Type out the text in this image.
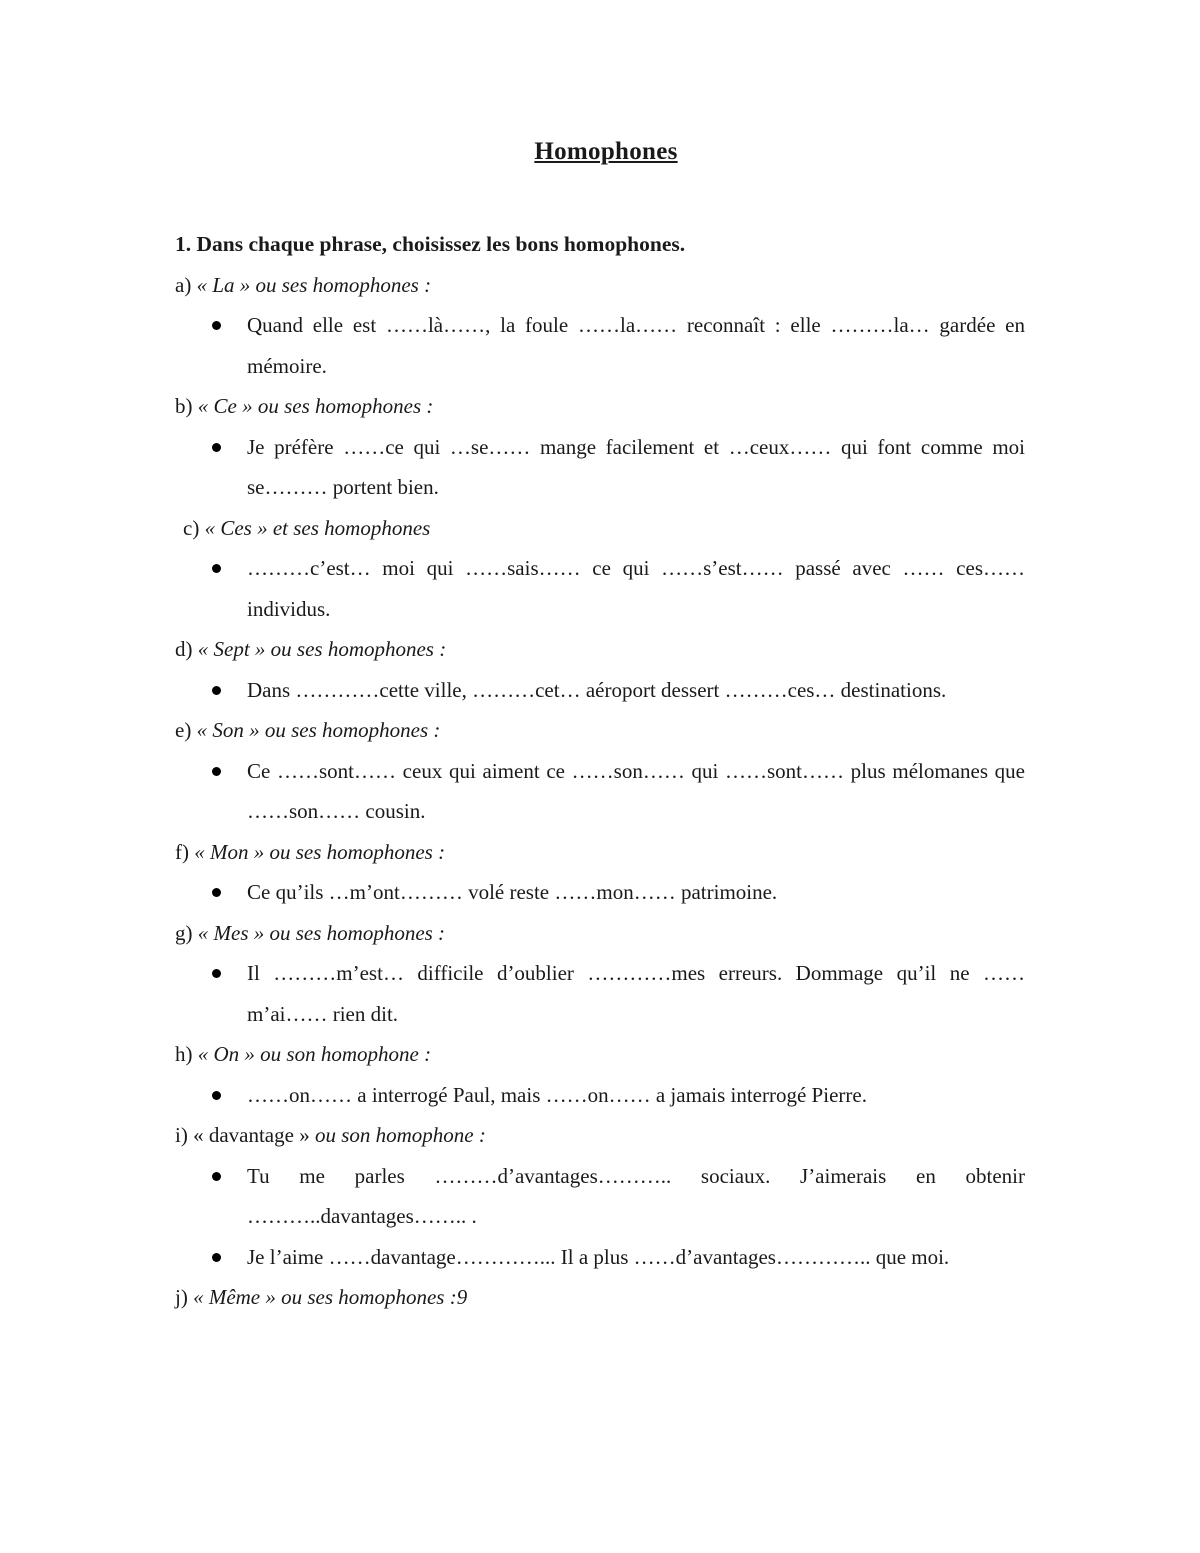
Homophones
1. Dans chaque phrase, choisissez les bons homophones.
a) « La » ou ses homophones :
Quand elle est ……là……, la foule ……la…… reconnaît : elle ………la… gardée en mémoire.
b) « Ce » ou ses homophones :
Je préfère ……ce qui …se…… mange facilement et …ceux…… qui font comme moi se……… portent bien.
c) « Ces » et ses homophones
………c’est… moi qui ……sais…… ce qui ……s’est…… passé avec …… ces…… individus.
d) « Sept » ou ses homophones :
Dans …………cette ville, ………cet… aéroport dessert ………ces… destinations.
e) « Son » ou ses homophones :
Ce ……sont…… ceux qui aiment ce ……son…… qui ……sont…… plus mélomanes que ……son…… cousin.
f) « Mon » ou ses homophones :
Ce qu’ils …m’ont……… volé reste ……mon…… patrimoine.
g) « Mes » ou ses homophones :
Il ………m’est… difficile d’oublier …………mes erreurs. Dommage qu’il ne ……m’ai…… rien dit.
h) « On » ou son homophone :
……on…… a interrogé Paul, mais ……on…… a jamais interrogé Pierre.
i) « davantage » ou son homophone :
Tu me parles ………d’avantages……….. sociaux. J’aimerais en obtenir ………..davantages…….. .
Je l’aime ……davantage…………... Il a plus ……d’avantages………….. que moi.
j) « Même » ou ses homophones :9
